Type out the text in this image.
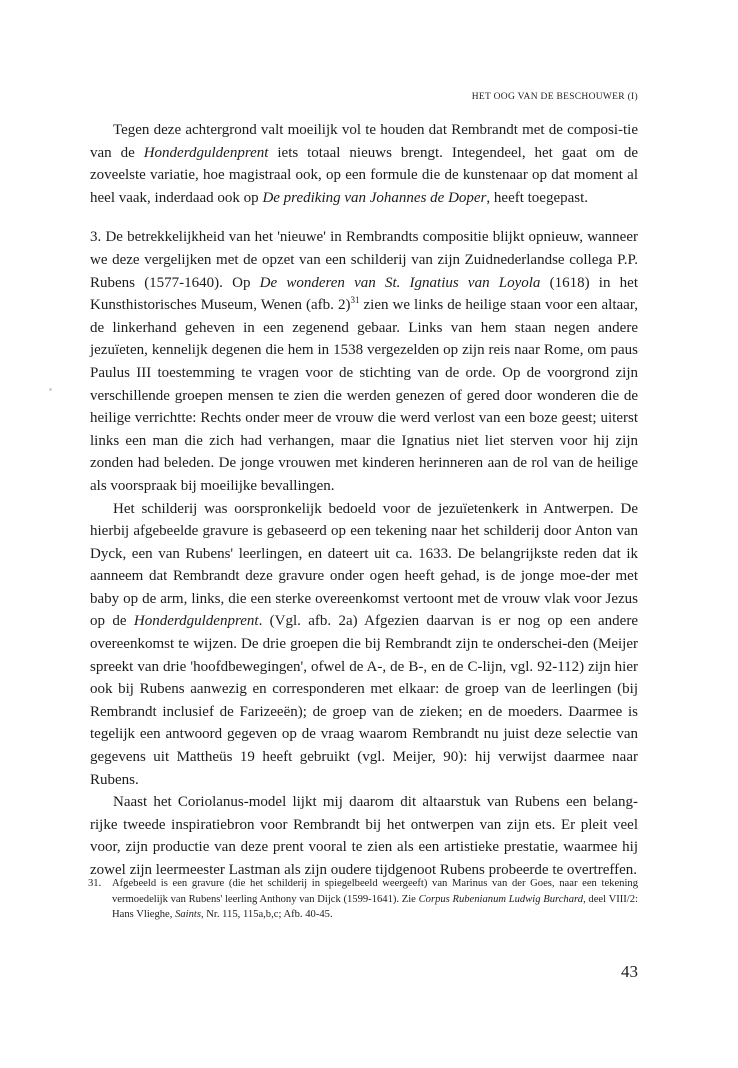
HET OOG VAN DE BESCHOUWER (I)

Tegen deze achtergrond valt moeilijk vol te houden dat Rembrandt met de composi-tie van de Honderdguldenprent iets totaal nieuws brengt. Integendeel, het gaat om de zoveelste variatie, hoe magistraal ook, op een formule die de kunstenaar op dat moment al heel vaak, inderdaad ook op De prediking van Johannes de Doper, heeft toegepast.

3. De betrekkelijkheid van het 'nieuwe' in Rembrandts compositie blijkt opnieuw, wanneer we deze vergelijken met de opzet van een schilderij van zijn Zuidnederlandse collega P.P. Rubens (1577-1640). Op De wonderen van St. Ignatius van Loyola (1618) in het Kunsthistorisches Museum, Wenen (afb. 2)$^{31}$ zien we links de heilige staan voor een altaar, de linkerhand geheven in een zegenend gebaar. Links van hem staan negen andere jezuïeten, kennelijk degenen die hem in 1538 vergezelden op zijn reis naar Rome, om paus Paulus III toestemming te vragen voor de stichting van de orde. Op de voorgrond zijn verschillende groepen mensen te zien die werden genezen of gered door wonderen die de heilige verrichtte: Rechts onder meer de vrouw die werd verlost van een boze geest; uiterst links een man die zich had verhangen, maar die Ignatius niet liet sterven voor hij zijn zonden had beleden. De jonge vrouwen met kinderen herinneren aan de rol van de heilige als voorspraak bij moeilijke bevallingen.

Het schilderij was oorspronkelijk bedoeld voor de jezuïetenkerk in Antwerpen. De hierbij afgebeelde gravure is gebaseerd op een tekening naar het schilderij door Anton van Dyck, een van Rubens' leerlingen, en dateert uit ca. 1633. De belangrijkste reden dat ik aanneem dat Rembrandt deze gravure onder ogen heeft gehad, is de jonge moe-der met baby op de arm, links, die een sterke overeenkomst vertoont met de vrouw vlak voor Jezus op de Honderdguldenprent. (Vgl. afb. 2a) Afgezien daarvan is er nog op een andere overeenkomst te wijzen. De drie groepen die bij Rembrandt zijn te onderschei-den (Meijer spreekt van drie 'hoofdbewegingen', ofwel de A-, de B-, en de C-lijn, vgl. 92-112) zijn hier ook bij Rubens aanwezig en corresponderen met elkaar: de groep van de leerlingen (bij Rembrandt inclusief de Farizeeën); de groep van de zieken; en de moeders. Daarmee is tegelijk een antwoord gegeven op de vraag waarom Rembrandt nu juist deze selectie van gegevens uit Mattheüs 19 heeft gebruikt (vgl. Meijer, 90): hij verwijst daarmee naar Rubens.

Naast het Coriolanus-model lijkt mij daarom dit altaarstuk van Rubens een belang-rijke tweede inspiratiebron voor Rembrandt bij het ontwerpen van zijn ets. Er pleit veel voor, zijn productie van deze prent vooral te zien als een artistieke prestatie, waarmee hij zowel zijn leermeester Lastman als zijn oudere tijdgenoot Rubens probeerde te overtreffen.

31. Afgebeeld is een gravure (die het schilderij in spiegelbeeld weergeeft) van Marinus van der Goes, naar een tekening vermoedelijk van Rubens' leerling Anthony van Dijck (1599-1641). Zie Corpus Rubenianum Ludwig Burchard, deel VIII/2: Hans Vlieghe, Saints, Nr. 115, 115a,b,c; Afb. 40-45.
43
